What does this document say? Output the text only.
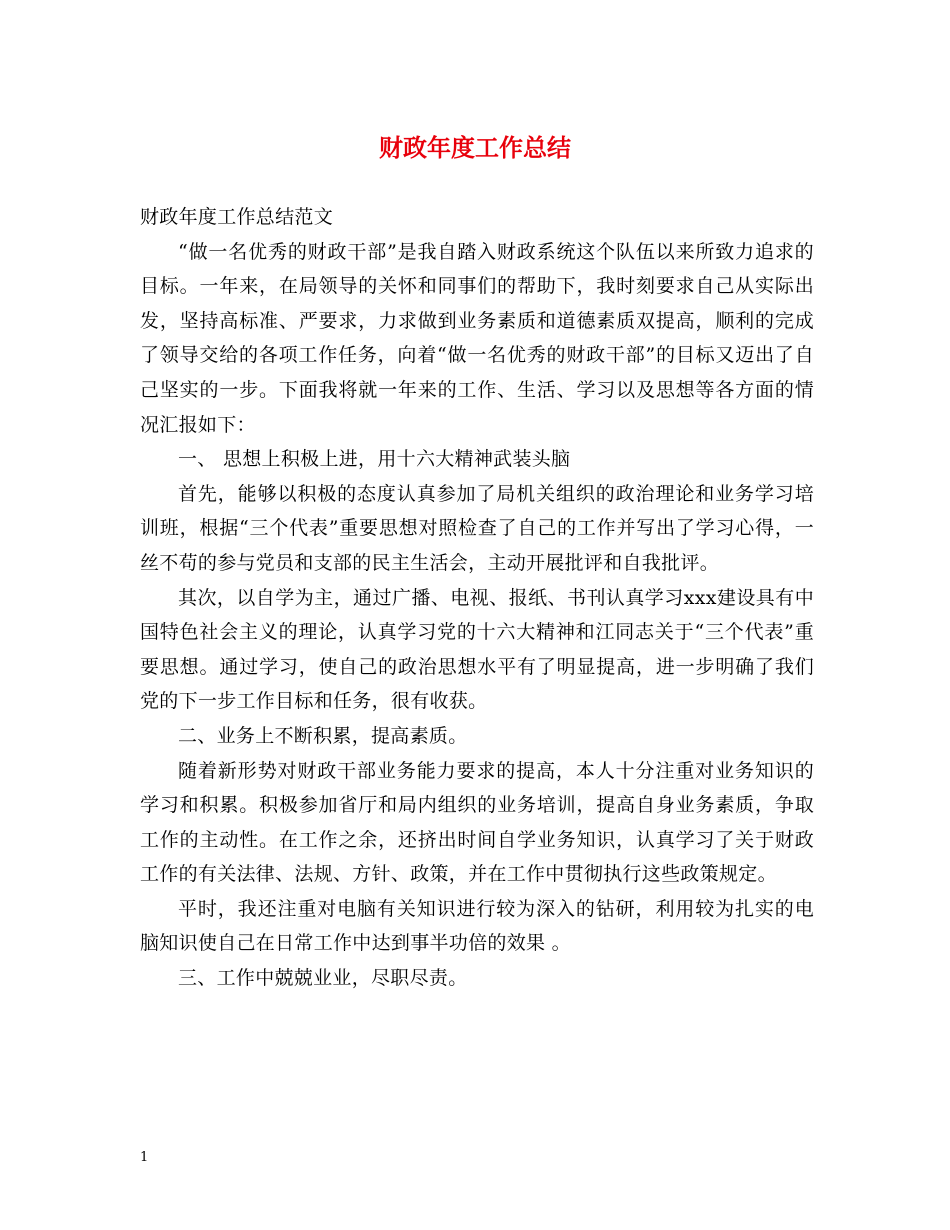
财政年度工作总结

财政年度工作总结范文

“做一名优秀的财政干部”是我自踏入财政系统这个队伍以来所致力追求的目标。一年来，在局领导的关怀和同事们的帮助下，我时刻要求自己从实际出发，坚持高标准、严要求，力求做到业务素质和道德素质双提高，顺利的完成了领导交给的各项工作任务，向着“做一名优秀的财政干部”的目标又迈出了自己坚实的一步。下面我将就一年来的工作、生活、学习以及思想等各方面的情况汇报如下：

一、 思想上积极上进，用十六大精神武装头脑

首先，能够以积极的态度认真参加了局机关组织的政治理论和业务学习培训班，根据“三个代表”重要思想对照检查了自己的工作并写出了学习心得，一丝不苟的参与党员和支部的民主生活会，主动开展批评和自我批评。

其次，以自学为主，通过广播、电视、报纸、书刊认真学习xxx建设具有中国特色社会主义的理论，认真学习党的十六大精神和江同志关于“三个代表”重要思想。通过学习，使自己的政治思想水平有了明显提高，进一步明确了我们党的下一步工作目标和任务，很有收获。

二、业务上不断积累，提高素质。

随着新形势对财政干部业务能力要求的提高，本人十分注重对业务知识的学习和积累。积极参加省厅和局内组织的业务培训，提高自身业务素质，争取工作的主动性。在工作之余，还挤出时间自学业务知识，认真学习了关于财政工作的有关法律、法规、方针、政策，并在工作中贯彻执行这些政策规定。

平时，我还注重对电脑有关知识进行较为深入的钻研，利用较为扎实的电脑知识使自己在日常工作中达到事半功倍的效果 。

三、工作中兢兢业业，尽职尽责。

1
